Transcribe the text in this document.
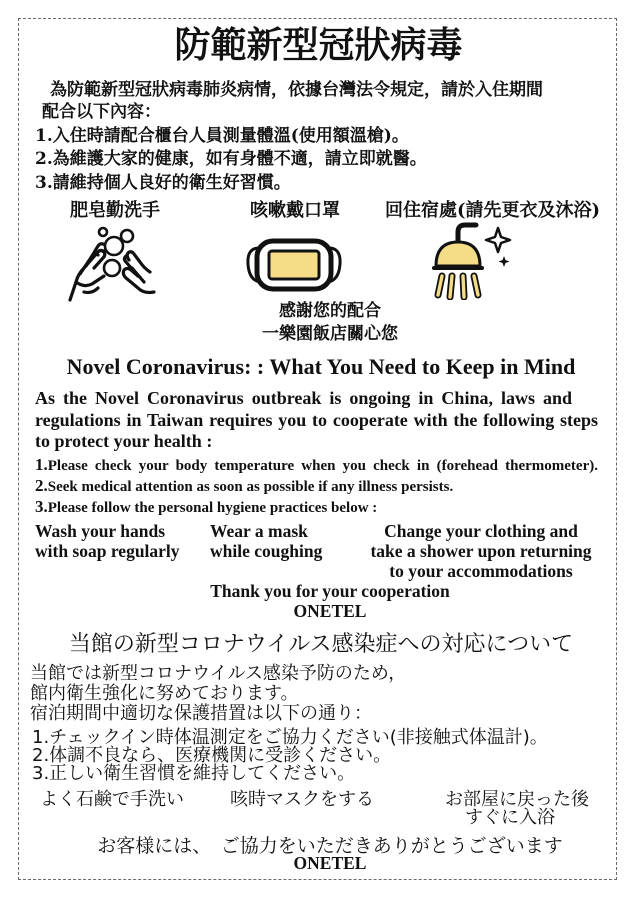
防範新型冠狀病毒
為防範新型冠狀病毒肺炎病情，依據台灣法令規定，請於入住期間
配合以下內容：
1.入住時請配合櫃台人員測量體溫(使用額溫槍)。
2.為維護大家的健康，如有身體不適，請立即就醫。
3.請維持個人良好的衛生好習慣。
肥皂勤洗手	咳嗽戴口罩	回住宿處(請先更衣及沐浴)
感謝您的配合
一樂園飯店關心您
Novel Coronavirus: : What You Need to Keep in Mind
As the Novel Coronavirus outbreak is ongoing in China, laws and
regulations in Taiwan requires you to cooperate with the following steps
to protect your health :
1.Please check your body temperature when you check in (forehead thermometer).
2.Seek medical attention as soon as possible if any illness persists.
3.Please follow the personal hygiene practices below :
Wash your hands
with soap regularly
Wear a mask
while coughing
Change your clothing and
take a shower upon returning
to your accommodations
Thank you for your cooperation
ONETEL
当館の新型コロナウイルス感染症への対応について
当館では新型コロナウイルス感染予防のため，
館内衛生強化に努めております。
宿泊期間中適切な保護措置は以下の通り：
1.チェックイン時体温測定をご協力ください(非接触式体温計)。
2.体調不良なら、医療機関に受診ください。
3.正しい衛生習慣を維持してください。
よく石鹸で手洗い	咳時マスクをする	お部屋に戻った後
すぐに入浴
お客様には、　ご協力をいただきありがとうございます
ONETEL
